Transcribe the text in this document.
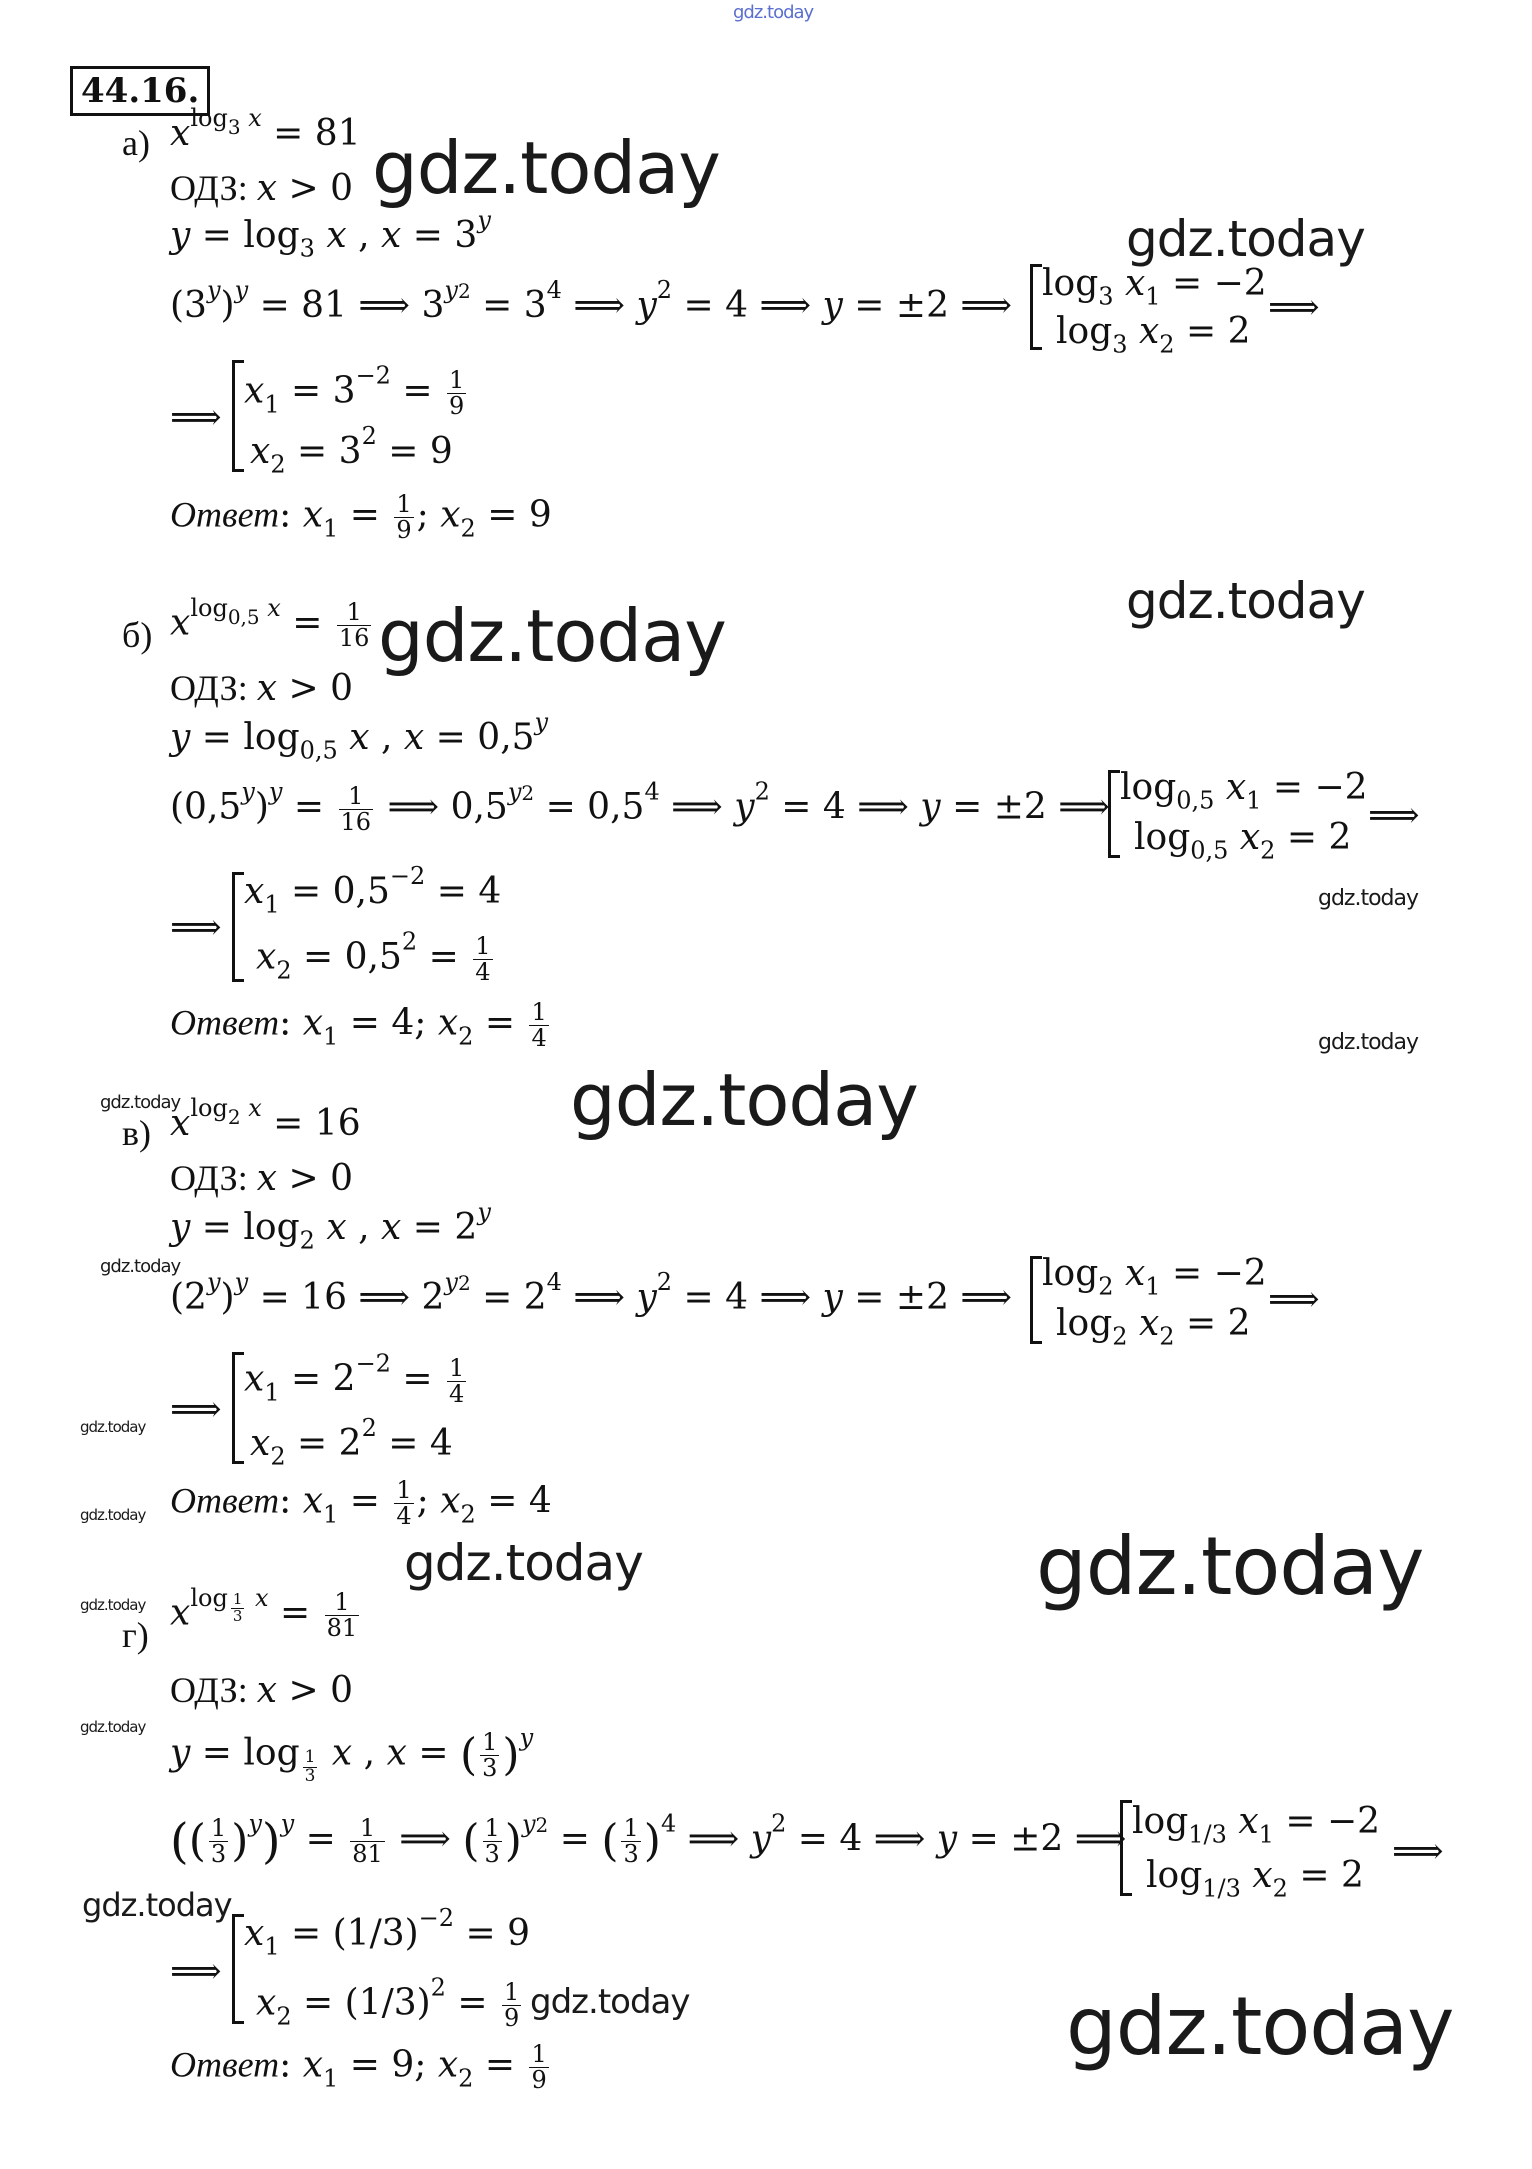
gdz.today
44.16.
а) $x^{log_3 x} = 81$
ОДЗ: x > 0
$y = \log_3 x$ , $x = 3^y$
$(3^y)^y = 81$ ⟹ $3^{y2} = 3^4$ ⟹ $y^2 = 4$ ⟹ y = ±2 ⟹
$\log_3 x_1 = -2$
$\log_3 x_2 = 2$
⟹
⟹
$x_1 = 3^{-2} = \frac{1}{9}$
$x_2 = 3^2 = 9$
Ответ: $x_1 = \frac{1}{9}$ ; $x_2 = 9$
б) $x^{log_{0,5} x} = \frac{1}{16}$
ОДЗ: x > 0
$y = \log_{0,5} x$ , $x = 0,5^y$
$(0,5^y)^y = \frac{1}{16}$ ⟹ $0,5^{y2} = 0,5^4$ ⟹ $y^2 = 4$ ⟹ y = ±2 ⟹ $\log_{0,5} x_1 = -2$
$\log_{0,5} x_2 = 2$
⟹
⟹
$x_1 = 0,5^{-2} = 4$
$x_2 = 0,5^2 = \frac{1}{4}$
Ответ: $x_1 = 4$; $x_2 = \frac{1}{4}$
в) $x^{log_2 x} = 16$
ОДЗ: x > 0
$y = \log_2 x$ , $x = 2^y$
$(2^y)^y = 16$ ⟹ $2^{y2} = 2^4$ ⟹ $y^2 = 4$ ⟹ y = ±2 ⟹
$\log_2 x_1 = -2$
$\log_2 x_2 = 2$
⟹
⟹
$x_1 = 2^{-2} = \frac{1}{4}$
$x_2 = 2^2 = 4$
Ответ: $x_1 = \frac{1}{4}$ ; $x_2 = 4$
г)
$x^{log _{\frac{1}{3}} x} = \frac{1}{81}$
ОДЗ: x > 0
y = log $_{\frac{1}{3}}$ x , x = ( $\frac{1}{3} )^y$
(( $\frac{1}{3} )^y)^y = \frac{1}{81}$ ⟹ ( $\frac{1}{3} )^{y2}$ = ( $\frac{1}{3} )^4$ ⟹ $y^2 = 4$ ⟹ y = ±2 ⟹ $\log_{1/3} x_1 = -2$
$\log_{1/3} x_2 = 2$
⟹
⟹
$x_1 = (1/3)^{-2} = 9$
$x_2 = (1/3)^2 = \frac{1}{9}$
Ответ: $x_1 = 9$; $x_2 = \frac{1}{9}$
gdz.today
gdz.today
gdz.today
gdz.today
gdz.today
gdz.today
gdz.today
gdz.today
gdz.today
gdz.today
gdz.today
gdz.today	gdz.today
gdz.today
gdz.today
gdz.today
gdz.today	gdz.today
